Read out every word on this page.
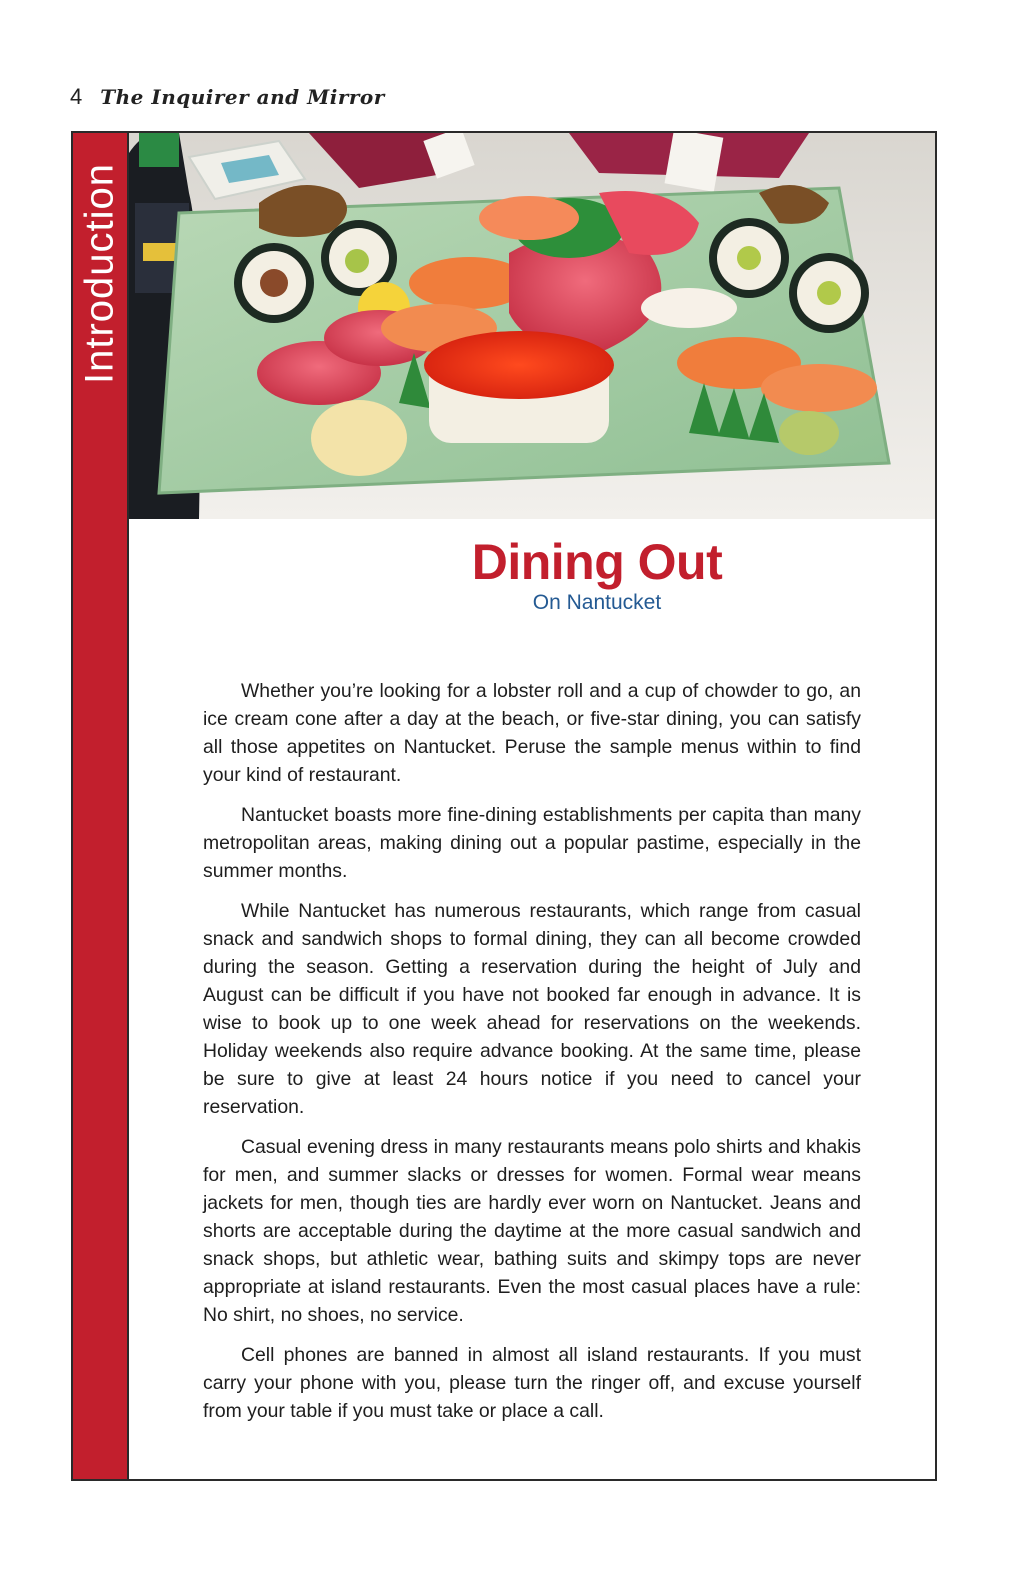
4 The Inquirer and Mirror
Introduction
Dining Out
On Nantucket

Whether you’re looking for a lobster roll and a cup of chowder to go, an ice cream cone after a day at the beach, or five-star dining, you can satisfy all those appetites on Nantucket. Peruse the sample menus within to find your kind of restaurant.

Nantucket boasts more fine-dining establishments per capita than many metropolitan areas, making dining out a popular pastime, especially in the summer months.

While Nantucket has numerous restaurants, which range from casual snack and sandwich shops to formal dining, they can all become crowded during the season. Getting a reservation during the height of July and August can be difficult if you have not booked far enough in advance. It is wise to book up to one week ahead for reservations on the weekends. Holiday weekends also require advance booking. At the same time, please be sure to give at least 24 hours notice if you need to cancel your reservation.

Casual evening dress in many restaurants means polo shirts and khakis for men, and summer slacks or dresses for women. Formal wear means jackets for men, though ties are hardly ever worn on Nantucket. Jeans and shorts are acceptable during the daytime at the more casual sandwich and snack shops, but athletic wear, bathing suits and skimpy tops are never appropriate at island restaurants. Even the most casual places have a rule: No shirt, no shoes, no service.

Cell phones are banned in almost all island restaurants. If you must carry your phone with you, please turn the ringer off, and excuse yourself from your table if you must take or place a call.
